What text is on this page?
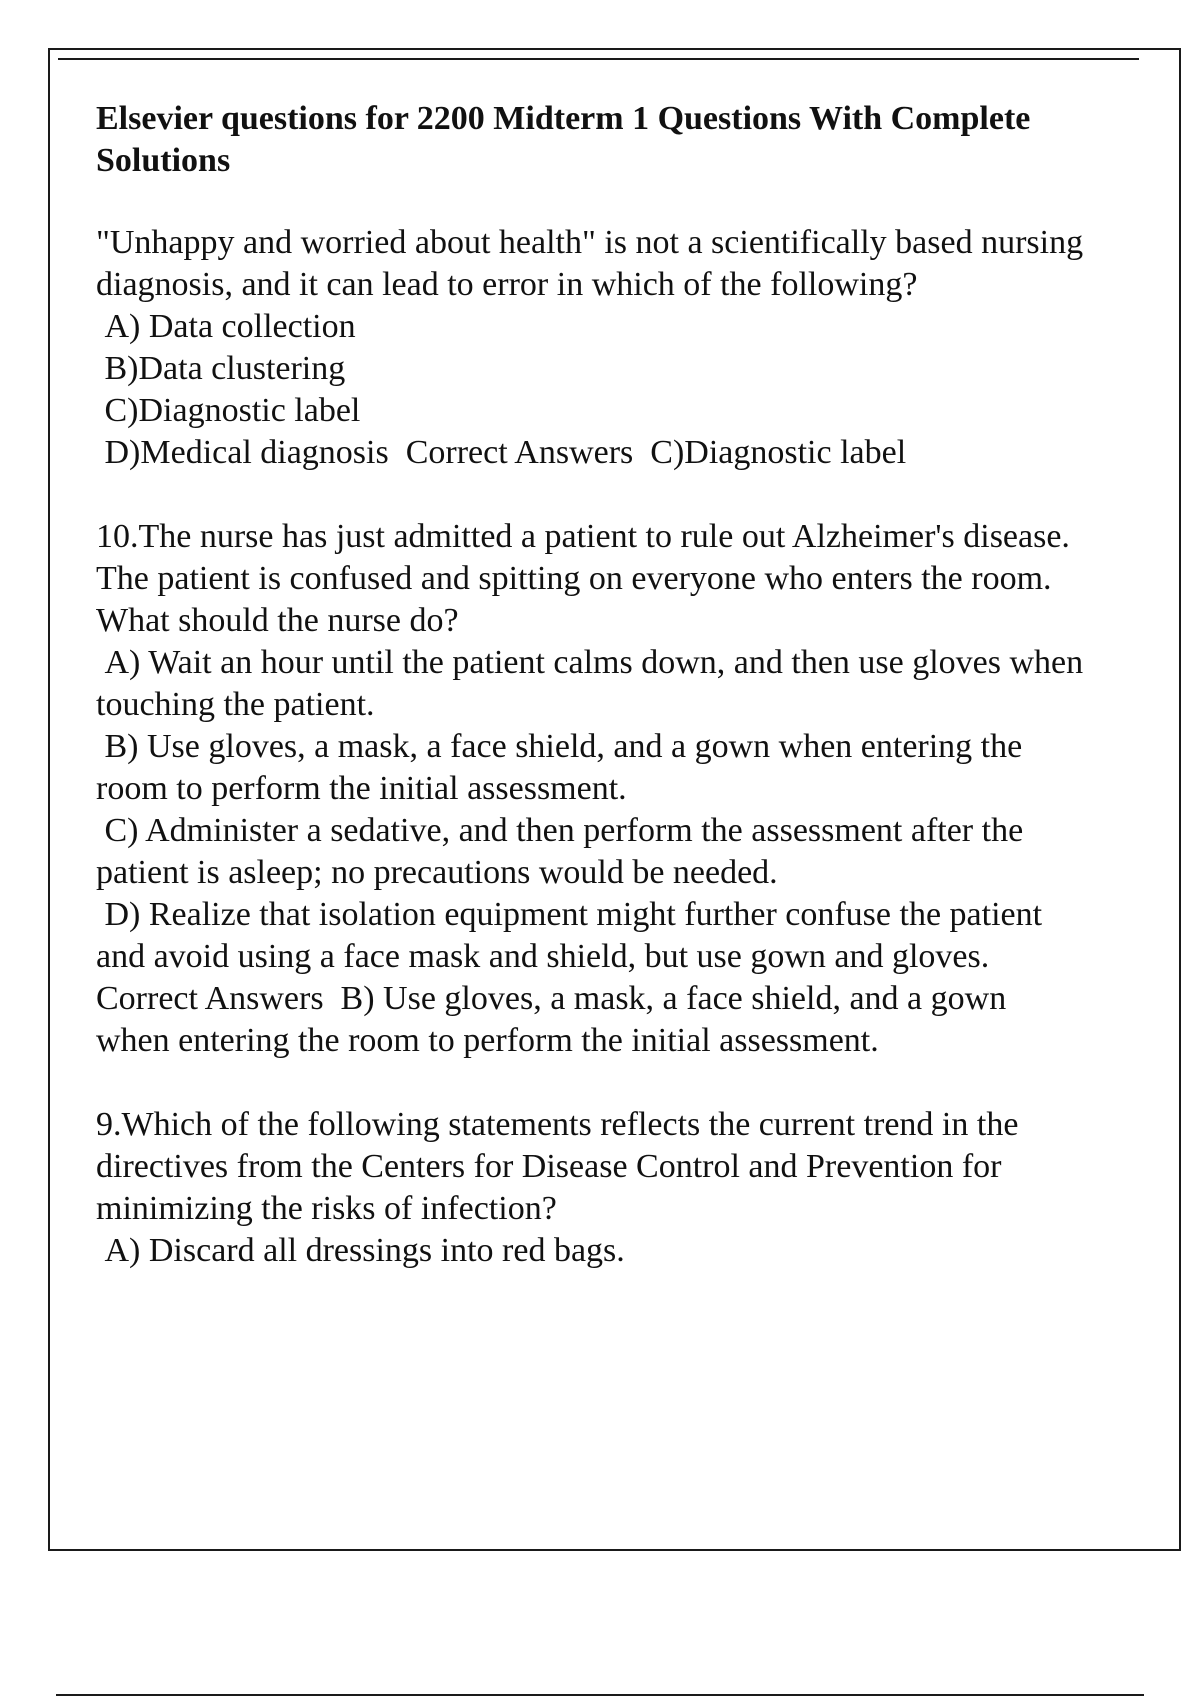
Elsevier questions for 2200 Midterm 1 Questions With Complete Solutions

"Unhappy and worried about health" is not a scientifically based nursing diagnosis, and it can lead to error in which of the following?

A) Data collection

B)Data clustering

C)Diagnostic label

D)Medical diagnosis  Correct Answers  C)Diagnostic label

10.The nurse has just admitted a patient to rule out Alzheimer's disease. The patient is confused and spitting on everyone who enters the room. What should the nurse do?

A) Wait an hour until the patient calms down, and then use gloves when touching the patient.

B) Use gloves, a mask, a face shield, and a gown when entering the room to perform the initial assessment.

C) Administer a sedative, and then perform the assessment after the patient is asleep; no precautions would be needed.

D) Realize that isolation equipment might further confuse the patient and avoid using a face mask and shield, but use gown and gloves.  Correct Answers  B) Use gloves, a mask, a face shield, and a gown when entering the room to perform the initial assessment.

9.Which of the following statements reflects the current trend in the directives from the Centers for Disease Control and Prevention for minimizing the risks of infection?

A) Discard all dressings into red bags.
